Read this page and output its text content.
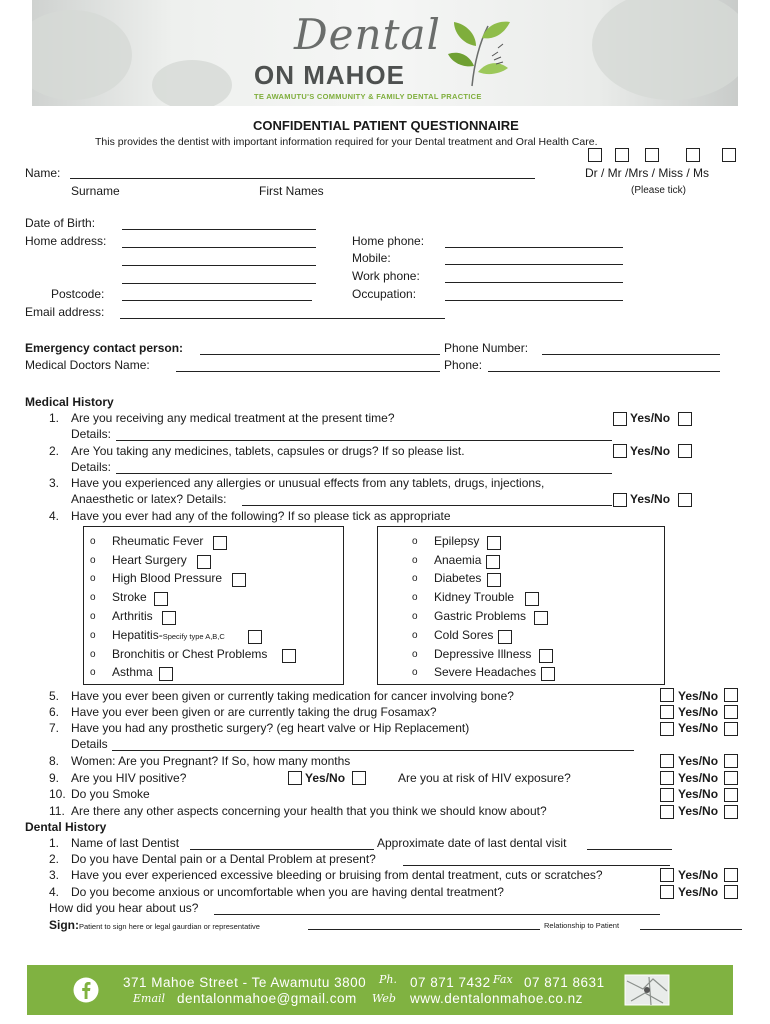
Dental
ON MAHOE
TE AWAMUTU'S COMMUNITY & FAMILY DENTAL PRACTICE
CONFIDENTIAL PATIENT QUESTIONNAIRE
This provides the dentist with important information required for your Dental treatment and Oral Health Care.
Name:	Dr / Mr /Mrs / Miss / Ms
(Please tick)
Surname	First Names
Date of Birth:
Home address:
Postcode:
Email address:
Home phone:
Mobile:
Work phone:
Occupation:
Emergency contact person:	Phone Number:
Medical Doctors Name:	Phone:
Medical History
1. Are you receiving any medical treatment at the present time?	Yes/No
Details:
2. Are You taking any medicines, tablets, capsules or drugs? If so please list.	Yes/No
Details:
3. Have you experienced any allergies or unusual effects from any tablets, drugs, injections,
Anaesthetic or latex? Details:	Yes/No
4. Have you ever had any of the following? If so please tick as appropriate
o Rheumatic Fever
o Heart Surgery
o High Blood Pressure
o Stroke
o Arthritis
o Hepatitis-Specify type A,B,C
o Bronchitis or Chest Problems
o Asthma
o Epilepsy
o Anaemia
o Diabetes
o Kidney Trouble
o Gastric Problems
o Cold Sores
o Depressive Illness
o Severe Headaches
5. Have you ever been given or currently taking medication for cancer involving bone?	Yes/No
6. Have you ever been given or are currently taking the drug Fosamax?	Yes/No
7. Have you had any prosthetic surgery? (eg heart valve or Hip Replacement)	Yes/No
Details
8. Women: Are you Pregnant? If So, how many months	Yes/No
9. Are you HIV positive?	Yes/No	Are you at risk of HIV exposure?	Yes/No
10. Do you Smoke	Yes/No
11. Are there any other aspects concerning your health that you think we should know about?	Yes/No
Dental History
1. Name of last Dentist	Approximate date of last dental visit
2. Do you have Dental pain or a Dental Problem at present?
3. Have you ever experienced excessive bleeding or bruising from dental treatment, cuts or scratches?	Yes/No
4. Do you become anxious or uncomfortable when you are having dental treatment?	Yes/No
How did you hear about us?
Sign:Patient to sign here or legal gaurdian or representative	Relationship to Patient
371 Mahoe Street - Te Awamutu 3800 Ph. 07 871 7432 Fax 07 871 8631
Email dentalonmahoe@gmail.com Web www.dentalonmahoe.co.nz
